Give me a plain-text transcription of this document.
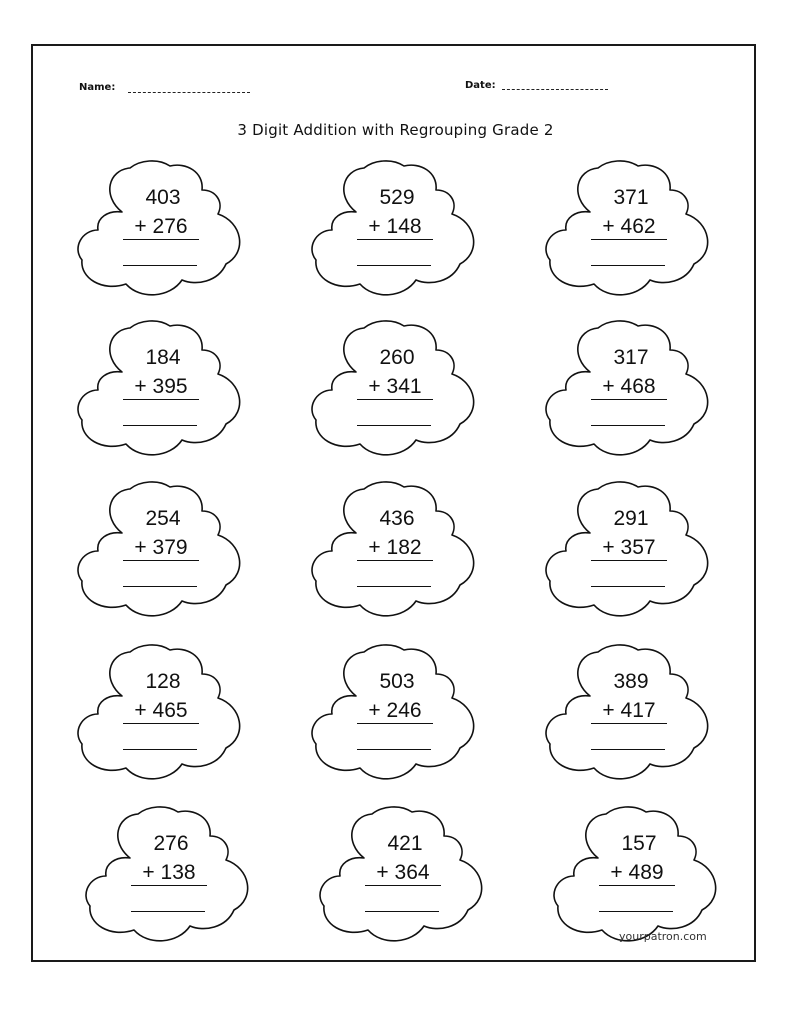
Name:	Date:
3 Digit Addition with Regrouping Grade 2
403
+ 276
529
+ 148
371
+ 462
184
+ 395
260
+ 341
317
+ 468
254
+ 379
436
+ 182
291
+ 357
128
+ 465
503
+ 246
389
+ 417
276
+ 138
421
+ 364
157
+ 489
yourpatron.com
